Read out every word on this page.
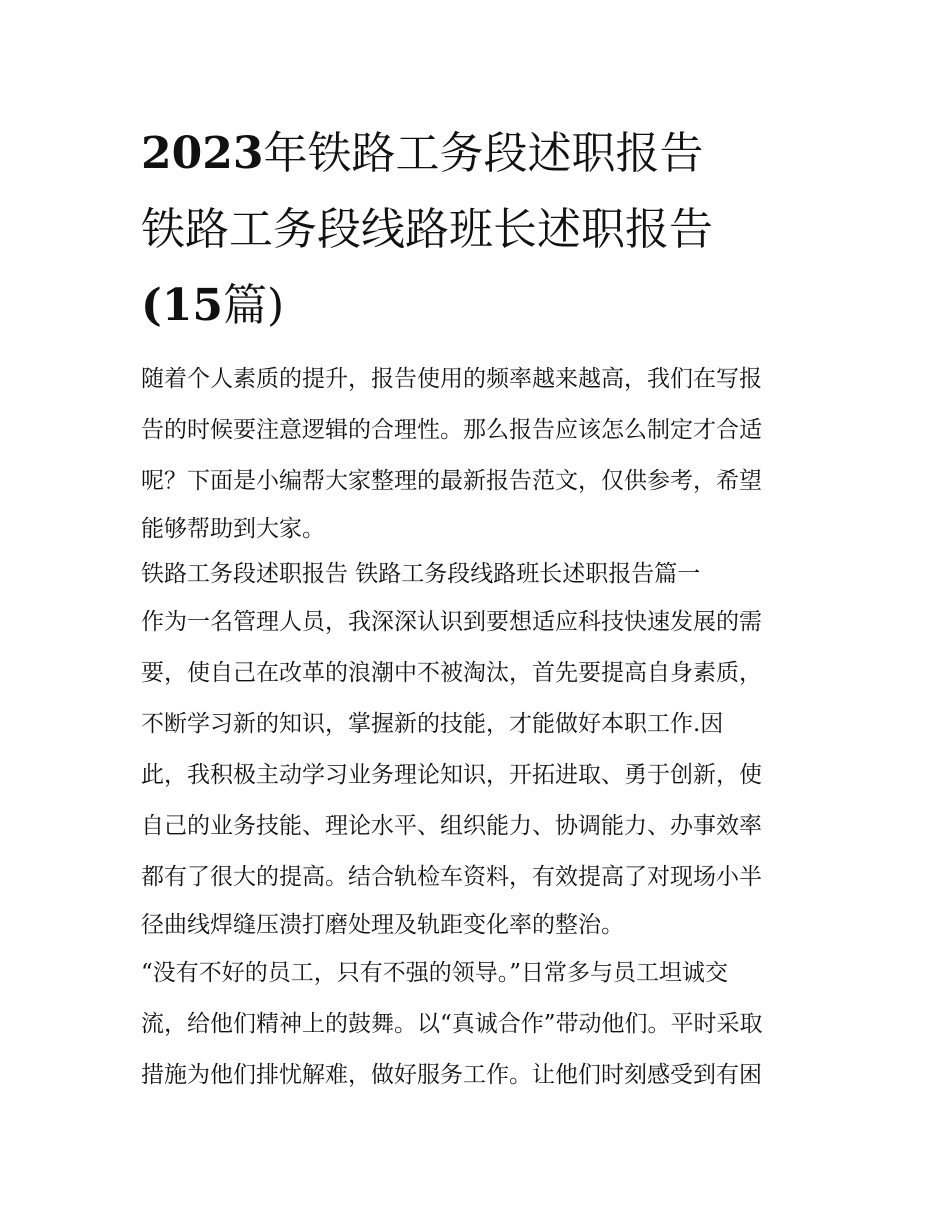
2023年铁路工务段述职报告
铁路工务段线路班长述职报告
(15篇)
随着个人素质的提升，报告使用的频率越来越高，我们在写报
告的时候要注意逻辑的合理性。那么报告应该怎么制定才合适
呢？下面是小编帮大家整理的最新报告范文，仅供参考，希望
能够帮助到大家。
铁路工务段述职报告 铁路工务段线路班长述职报告篇一
作为一名管理人员，我深深认识到要想适应科技快速发展的需
要，使自己在改革的浪潮中不被淘汰，首先要提高自身素质，
不断学习新的知识，掌握新的技能，才能做好本职工作.因
此，我积极主动学习业务理论知识，开拓进取、勇于创新，使
自己的业务技能、理论水平、组织能力、协调能力、办事效率
都有了很大的提高。结合轨检车资料，有效提高了对现场小半
径曲线焊缝压溃打磨处理及轨距变化率的整治。
“没有不好的员工，只有不强的领导。”日常多与员工坦诚交
流，给他们精神上的鼓舞。以“真诚合作”带动他们。平时采取
措施为他们排忧解难，做好服务工作。让他们时刻感受到有困
